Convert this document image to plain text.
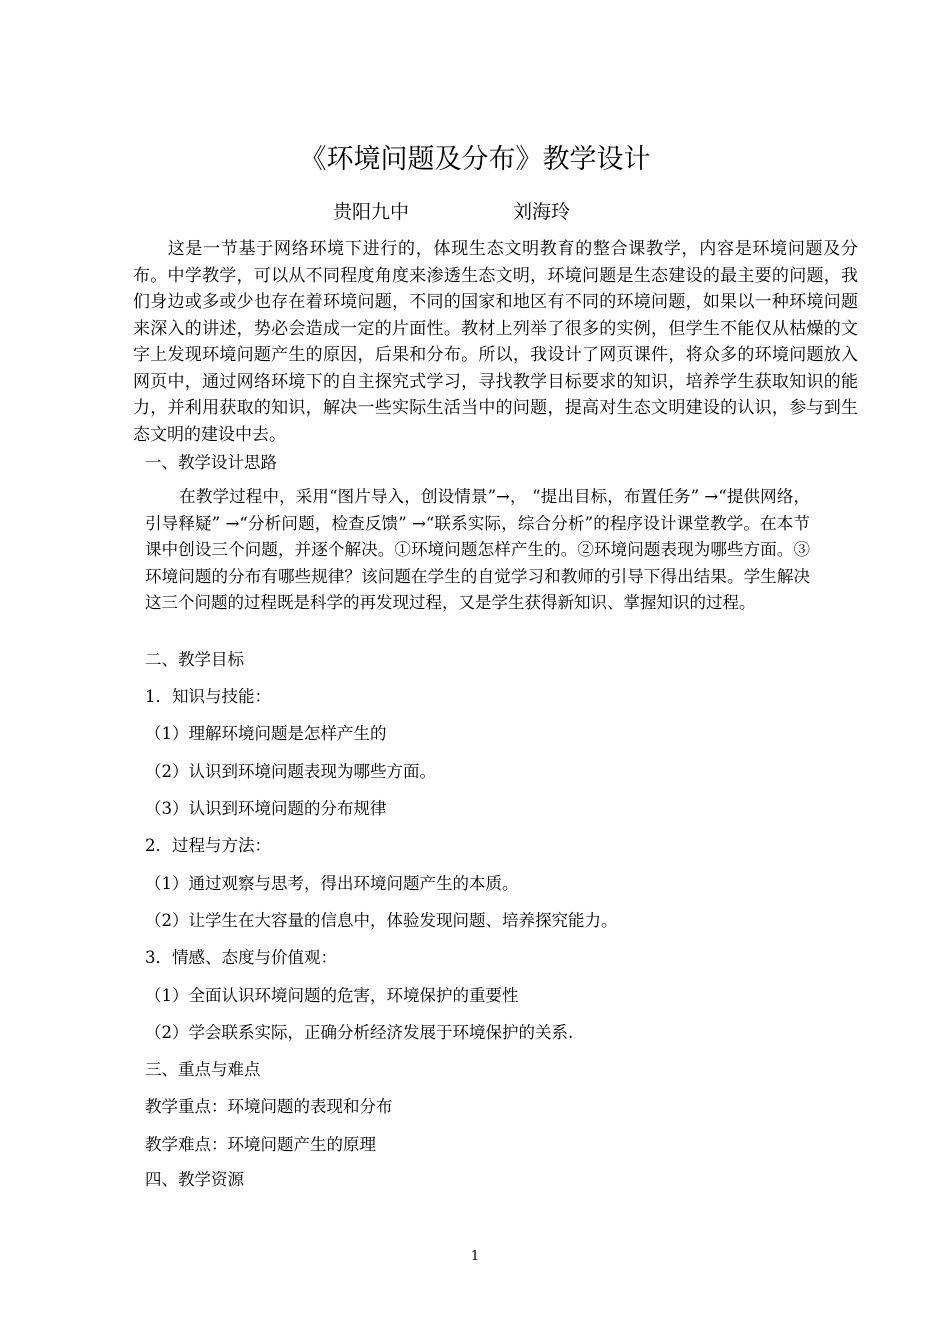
《环境问题及分布》教学设计
贵阳九中	刘海玲

这是一节基于网络环境下进行的，体现生态文明教育的整合课教学，内容是环境问题及分布。中学教学，可以从不同程度角度来渗透生态文明，环境问题是生态建设的最主要的问题，我们身边或多或少也存在着环境问题，不同的国家和地区有不同的环境问题，如果以一种环境问题来深入的讲述，势必会造成一定的片面性。教材上列举了很多的实例，但学生不能仅从枯燥的文字上发现环境问题产生的原因，后果和分布。所以，我设计了网页课件，将众多的环境问题放入网页中，通过网络环境下的自主探究式学习，寻找教学目标要求的知识，培养学生获取知识的能力，并利用获取的知识，解决一些实际生活当中的问题，提高对生态文明建设的认识，参与到生态文明的建设中去。

一、教学设计思路

在教学过程中，采用“图片导入，创设情景”→， “提出目标，布置任务” →“提供网络，引导释疑” →“分析问题，检查反馈” →“联系实际，综合分析”的程序设计课堂教学。在本节课中创设三个问题，并逐个解决。①环境问题怎样产生的。②环境问题表现为哪些方面。③环境问题的分布有哪些规律？该问题在学生的自觉学习和教师的引导下得出结果。学生解决这三个问题的过程既是科学的再发现过程，又是学生获得新知识、掌握知识的过程。

二、教学目标

1．知识与技能：

（1）理解环境问题是怎样产生的

（2）认识到环境问题表现为哪些方面。

（3）认识到环境问题的分布规律

2．过程与方法：

（1）通过观察与思考，得出环境问题产生的本质。

（2）让学生在大容量的信息中，体验发现问题、培养探究能力。

3．情感、态度与价值观：

（1）全面认识环境问题的危害，环境保护的重要性

（2）学会联系实际，正确分析经济发展于环境保护的关系.

三、重点与难点

教学重点：环境问题的表现和分布

教学难点：环境问题产生的原理

四、教学资源

1
